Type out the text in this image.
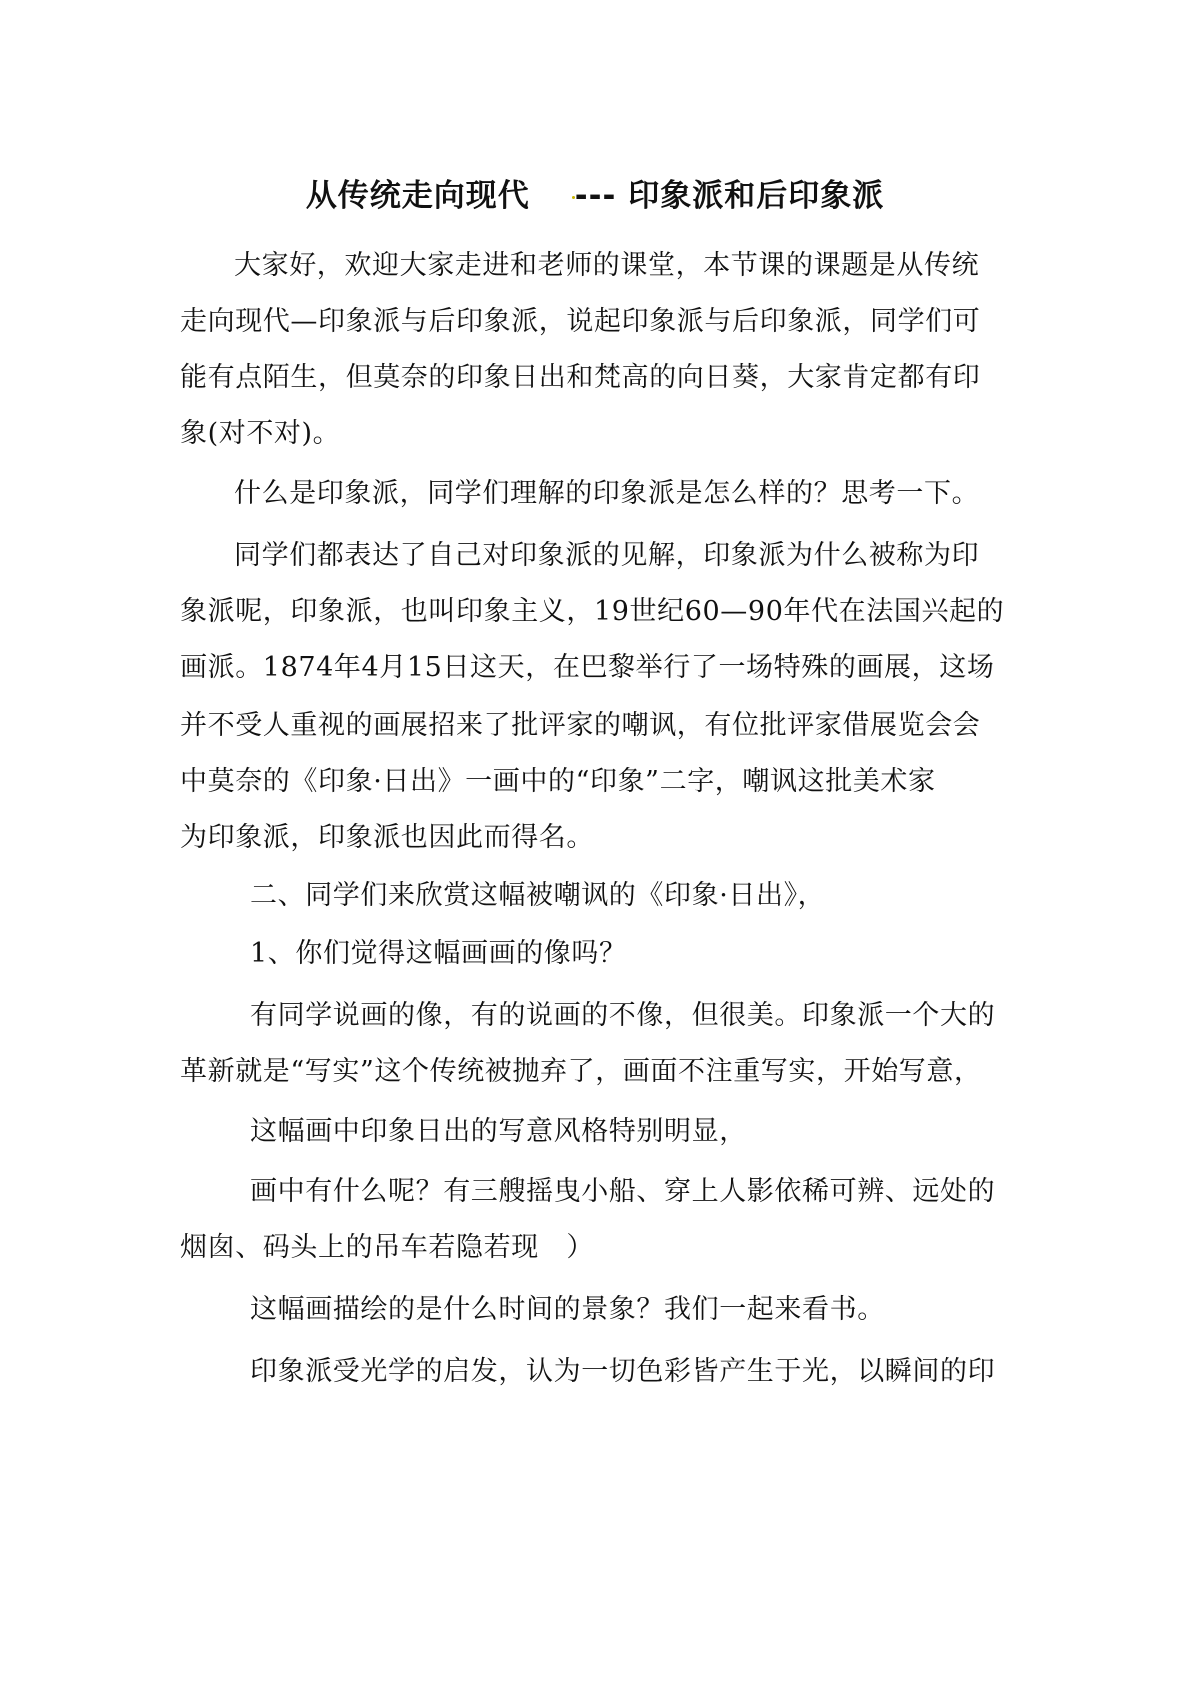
从传统走向现代 --- 印象派和后印象派
大家好，欢迎大家走进和老师的课堂，本节课的课题是从传统
走向现代—印象派与后印象派，说起印象派与后印象派，同学们可
能有点陌生，但莫奈的印象日出和梵高的向日葵，大家肯定都有印
象(对不对)。
什么是印象派，同学们理解的印象派是怎么样的？思考一下。
同学们都表达了自己对印象派的见解，印象派为什么被称为印
象派呢，印象派，也叫印象主义，19世纪60—90年代在法国兴起的
画派。1874年4月15日这天，在巴黎举行了一场特殊的画展，这场
并不受人重视的画展招来了批评家的嘲讽，有位批评家借展览会会
中莫奈的《印象·日出》一画中的“印象”二字，嘲讽这批美术家
为印象派，印象派也因此而得名。
二、同学们来欣赏这幅被嘲讽的《印象·日出》，
1、你们觉得这幅画画的像吗？
有同学说画的像，有的说画的不像，但很美。印象派一个大的
革新就是“写实”这个传统被抛弃了，画面不注重写实，开始写意，
这幅画中印象日出的写意风格特别明显，
画中有什么呢？有三艘摇曳小船、穿上人影依稀可辨、远处的
烟囱、码头上的吊车若隐若现　）
这幅画描绘的是什么时间的景象？我们一起来看书。
印象派受光学的启发，认为一切色彩皆产生于光，以瞬间的印
